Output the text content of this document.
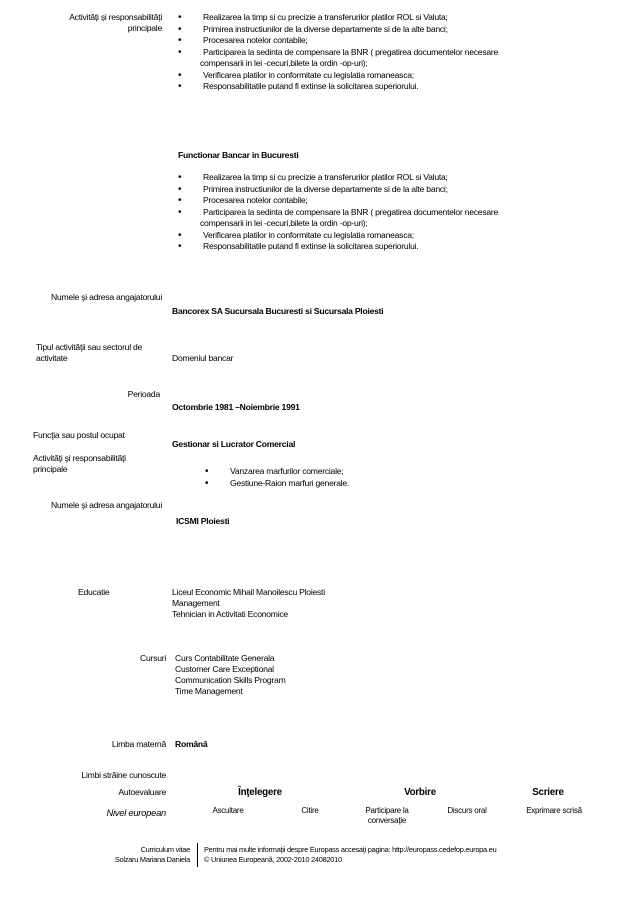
Activități și responsabilități
principale
• Realizarea la timp si cu precizie a transferurilor platilor ROL si Valuta;
• Primirea instructiunilor de la diverse departamente si de la alte banci;
• Procesarea notelor contabile;
• Participarea la sedinta de compensare la BNR ( pregatirea documentelor necesare
compensarii in lei -cecuri,bilete la ordin -op-uri);
• Verificarea platilor in conformitate cu legislatia romaneasca;
• Responsabilitatile putand fi extinse la solicitarea superiorului.
Functionar Bancar in Bucuresti
• Realizarea la timp si cu precizie a transferurilor platilor ROL si Valuta;
• Primirea instructiunilor de la diverse departamente si de la alte banci;
• Procesarea notelor contabile;
• Participarea la sedinta de compensare la BNR ( pregatirea documentelor necesare
compensarii in lei -cecuri,bilete la ordin -op-uri);
• Verificarea platilor in conformitate cu legislatia romaneasca;
• Responsabilitatile putand fi extinse la solicitarea superiorului.
Numele şi adresa angajatorului
Bancorex SA Sucursala Bucuresti si Sucursala Ploiesti
Tipul activităţii sau sectorul de
activitate	Domeniul bancar
Perioada
Octombrie 1981 –Noiembrie 1991
Funcţia sau postul ocupat
Gestionar si Lucrator Comercial
Activităţi şi responsabilităţi
principale
•	Vanzarea marfurilor comerciale;
• Gestiune-Raion marfuri generale.
Numele şi adresa angajatorului
ICSMI Ploiesti
Educatie	Liceul Economic Mihail Manoilescu Ploiesti
Management
Tehnician in Activitati Economice
Cursuri Curs Contabilitate Generala
Customer Care Exceptional
Communication Skills Program
Time Management
Limba maternă Română
Limbi străine cunoscute
Autoevaluare
Nivel european
Înţelegere	Vorbire	Scriere
Ascultare	Citire	Participare la
conversaţie
Discurs oral	Exprimare scrisă
Curriculum vitae
Solzaru Mariana Daniela
Pentru mai multe informaţii despre Europass accesaţi pagina: http://europass.cedefop.europa.eu
© Uniunea Europeană, 2002-2010 24082010
